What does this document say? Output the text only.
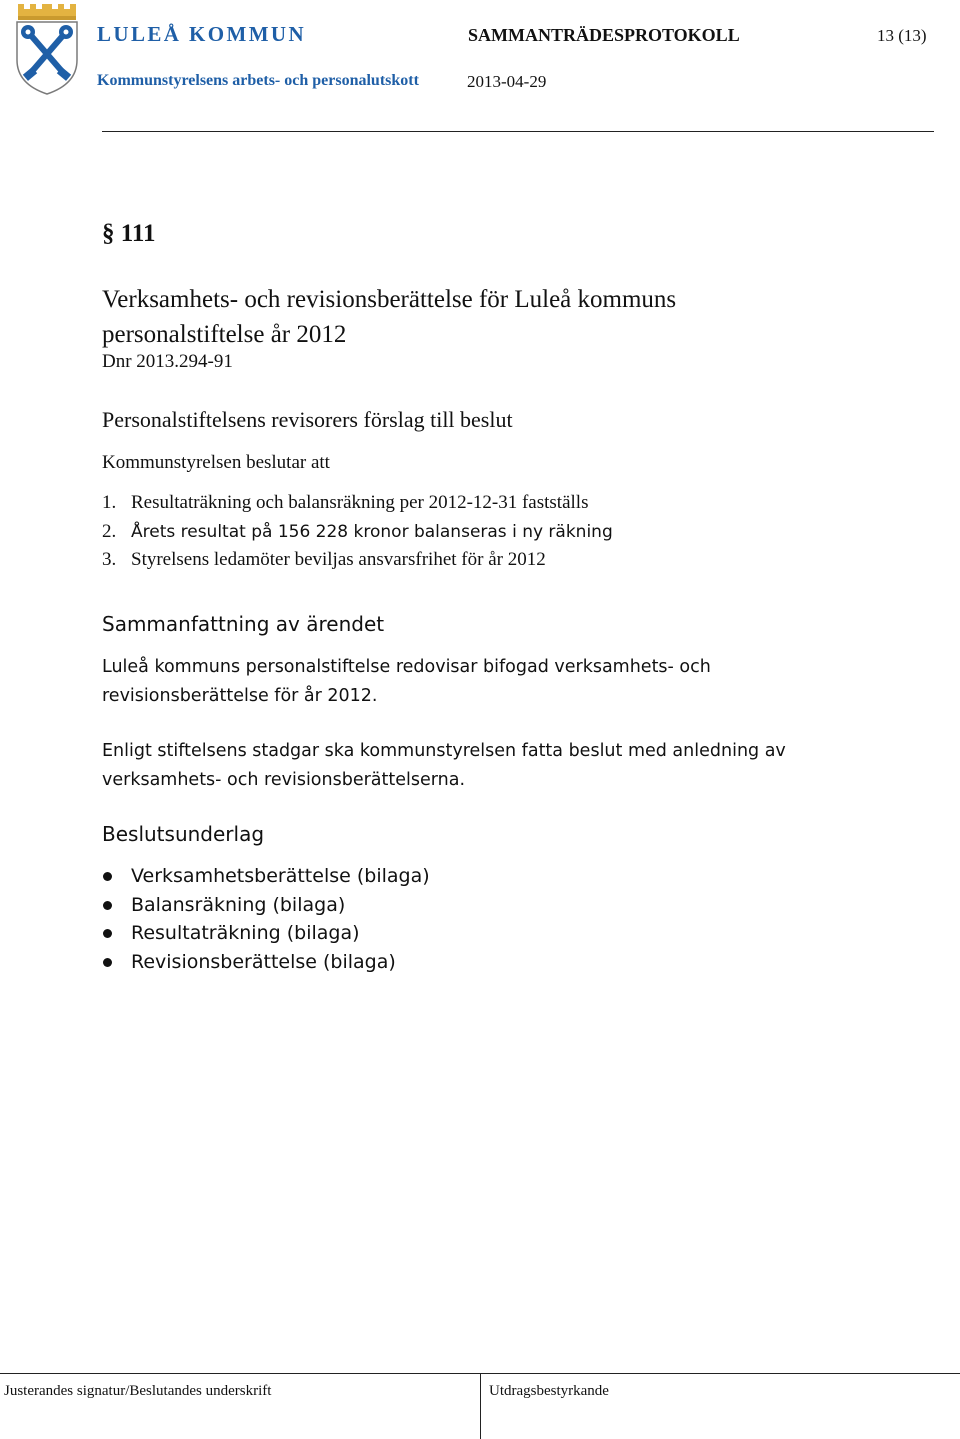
LULEÅ KOMMUN	SAMMANTRÄDESPROTOKOLL	13 (13)
Kommunstyrelsens arbets- och personalutskott	2013-04-29
§ 111
Verksamhets- och revisionsberättelse för Luleå kommuns
personalstiftelse år 2012
Dnr 2013.294-91
Personalstiftelsens revisorers förslag till beslut
Kommunstyrelsen beslutar att
1. Resultaträkning och balansräkning per 2012-12-31 fastställs
2. Årets resultat på 156 228 kronor balanseras i ny räkning
3. Styrelsens ledamöter beviljas ansvarsfrihet för år 2012
Sammanfattning av ärendet
Luleå kommuns personalstiftelse redovisar bifogad verksamhets- och
revisionsberättelse för år 2012.
Enligt stiftelsens stadgar ska kommunstyrelsen fatta beslut med anledning av
verksamhets- och revisionsberättelserna.
Beslutsunderlag
Verksamhetsberättelse (bilaga)
Balansräkning (bilaga)
Resultaträkning (bilaga)
Revisionsberättelse (bilaga)
Justerandes signatur/Beslutandes underskrift	Utdragsbestyrkande
